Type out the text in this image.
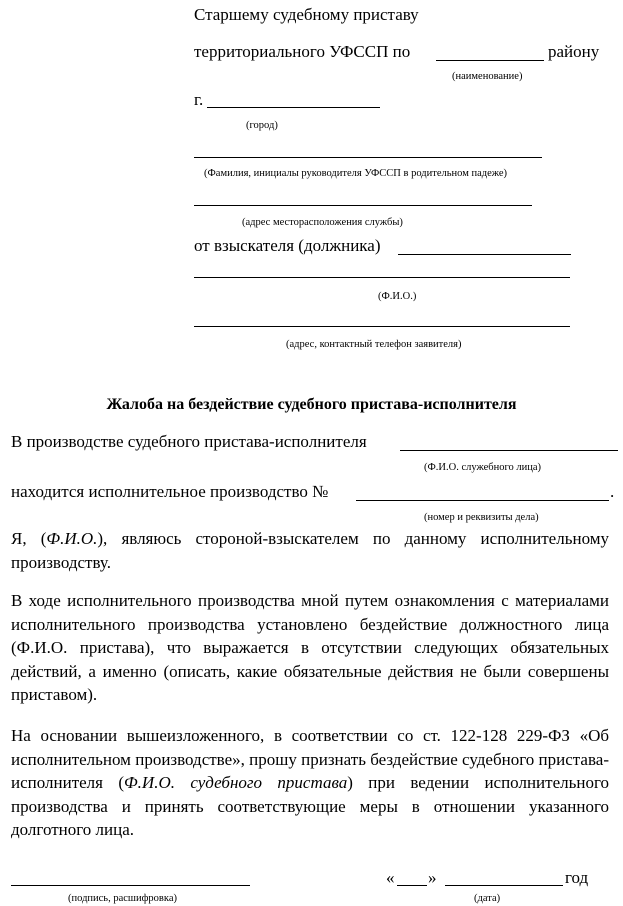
Старшему судебному приставу
территориального УФССП по	району
(наименование)
г.
(город)
(Фамилия, инициалы руководителя УФССП в родительном падеже)
(адрес месторасположения службы)
от взыскателя (должника)
(Ф.И.О.)
(адрес, контактный телефон заявителя)
Жалоба на бездействие судебного пристава-исполнителя
В производстве судебного пристава-исполнителя
(Ф.И.О. служебного лица)
находится исполнительное производство №	.
(номер и реквизиты дела)
Я, (Ф.И.О.), являюсь стороной-взыскателем по данному исполнительному производству.
В ходе исполнительного производства мной путем ознакомления с материалами исполнительного производства установлено бездействие должностного лица (Ф.И.О. пристава), что выражается в отсутствии следующих обязательных действий, а именно (описать, какие обязательные действия не были совершены приставом).
На основании вышеизложенного, в соответствии со ст. 122-128 229-ФЗ «Об исполнительном производстве», прошу признать бездействие судебного пристава-исполнителя (Ф.И.О. судебного пристава) при ведении исполнительного производства и принять соответствующие меры в отношении указанного долготного лица.
(подпись, расшифровка)
« »	год
(дата)
